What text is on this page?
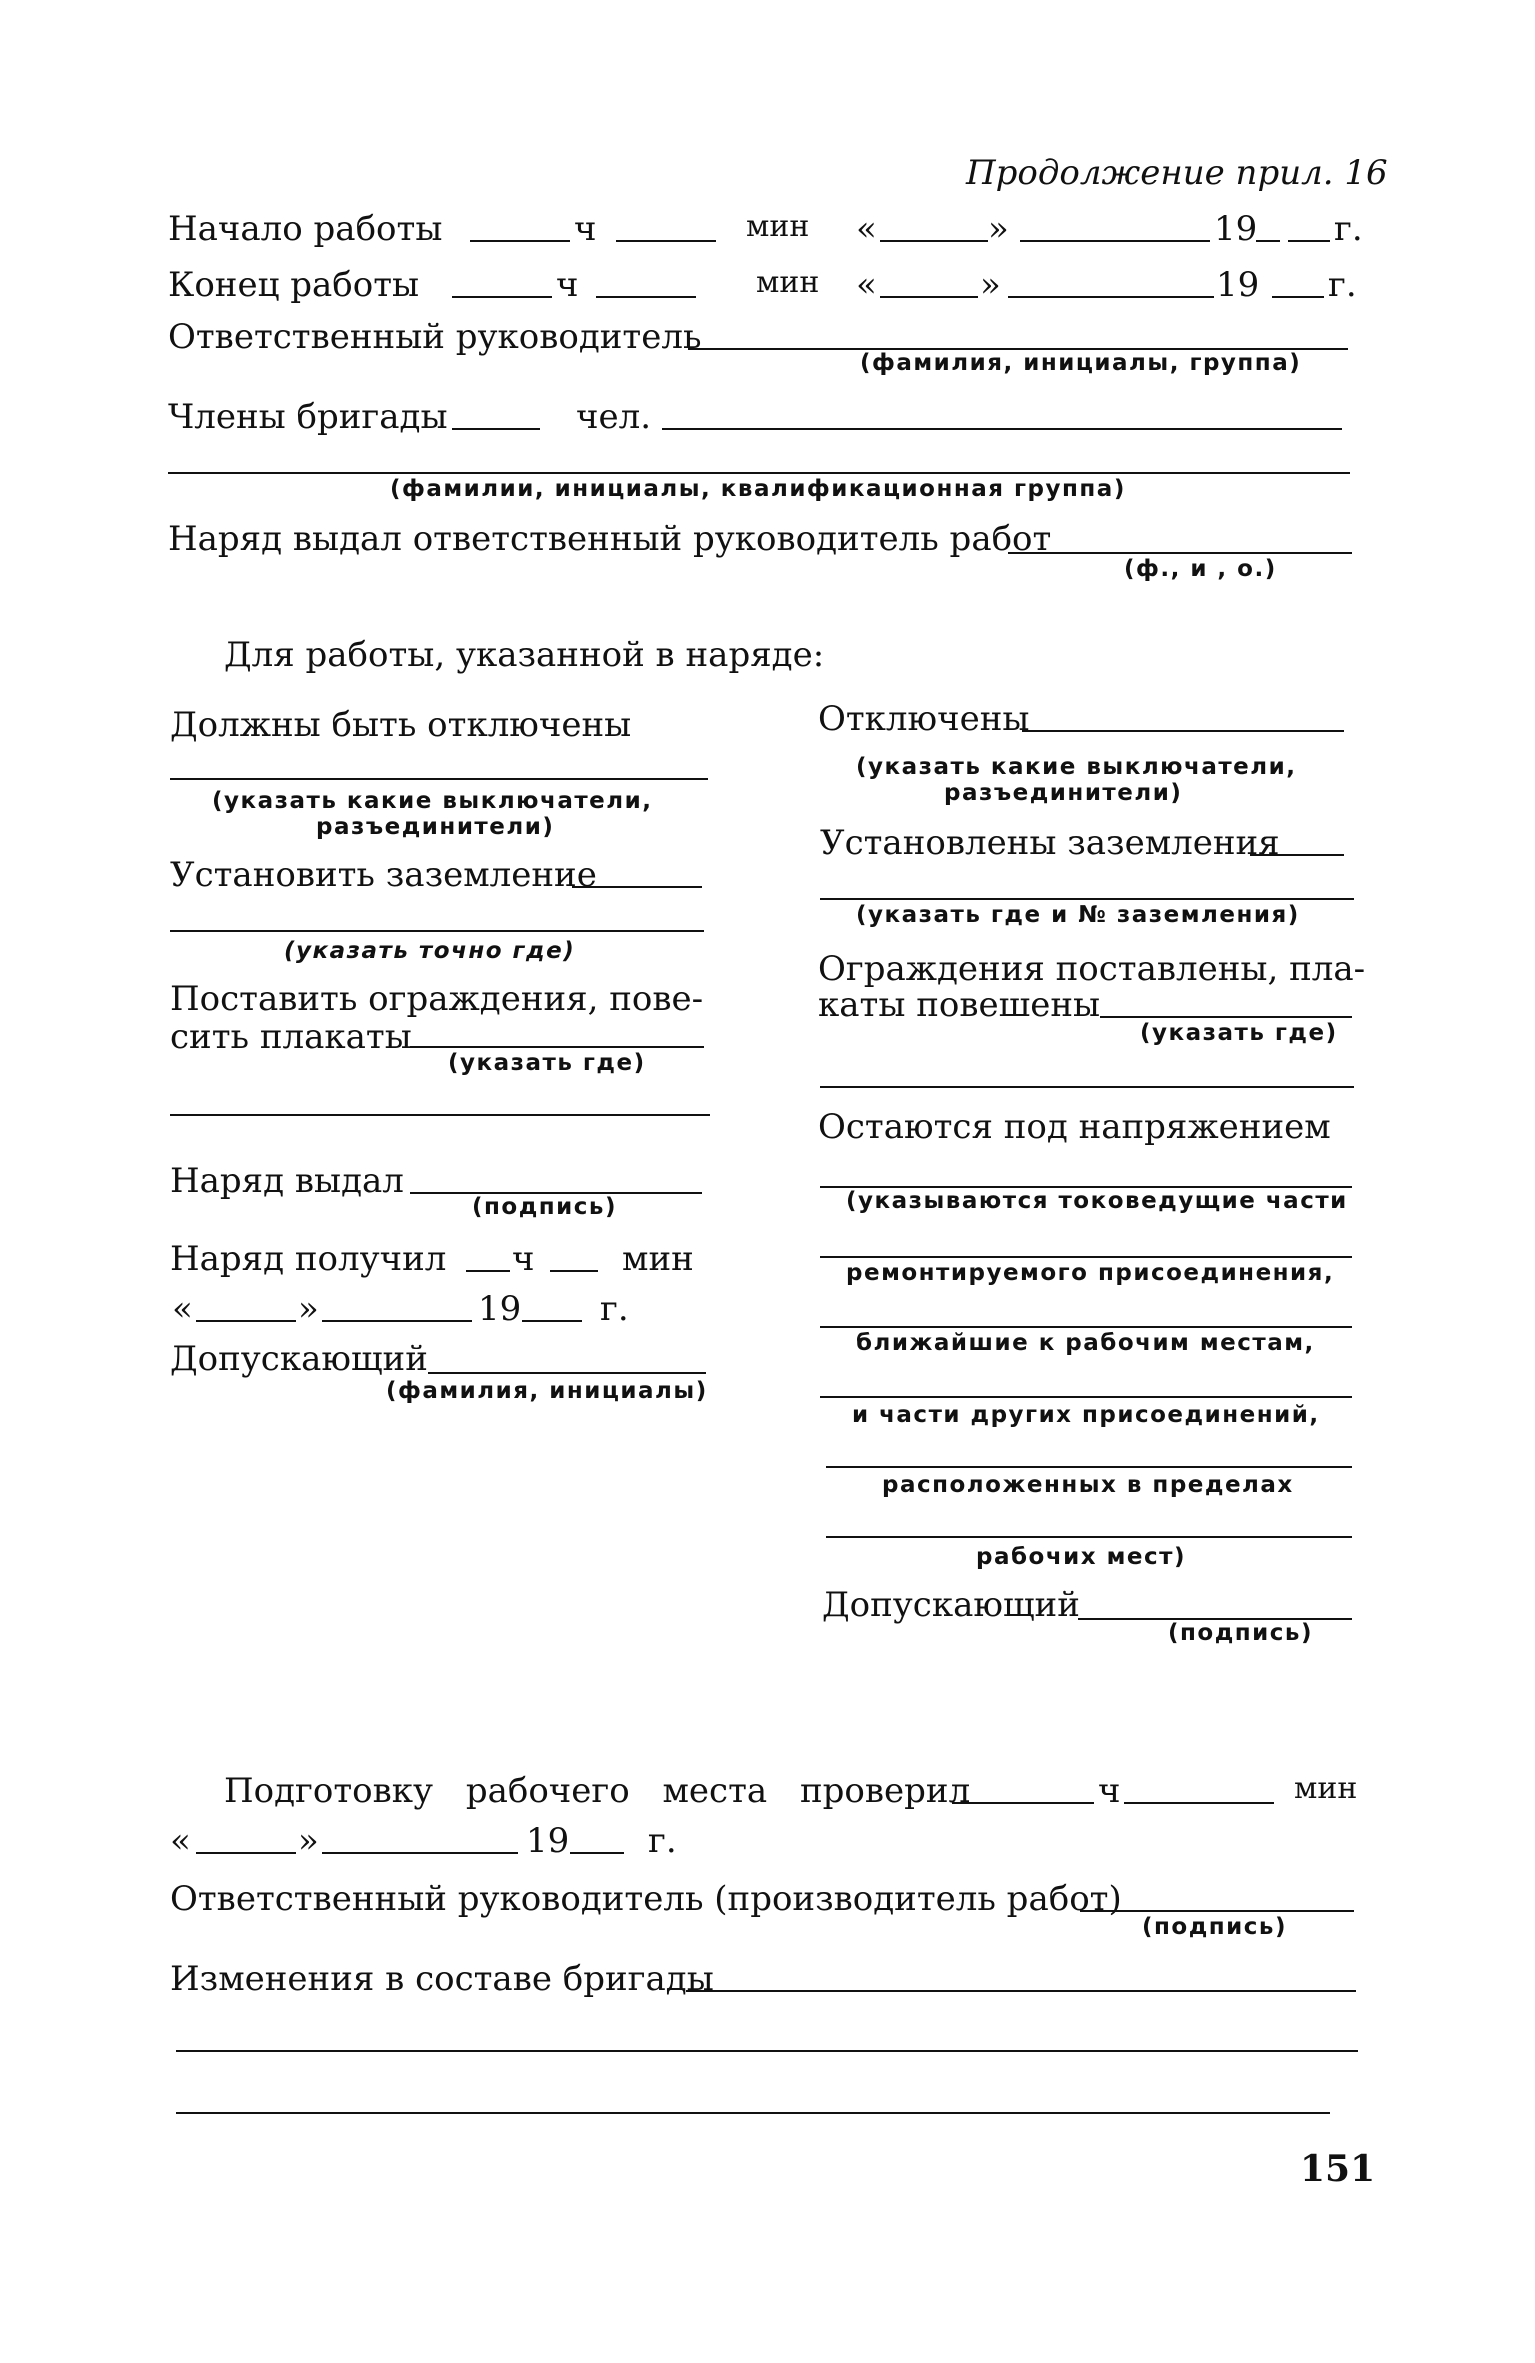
Продолжение прил. 16
Начало работы	ч	мин «	»	19 г.
Конец работы	ч	мин «	»	19 г.
Ответственный руководитель
(фамилия, инициалы, группа)
Члены бригады	чел.
(фамилии, инициалы, квалификационная группа)
Наряд выдал ответственный руководитель работ
(ф., и , о.)
Для работы, указанной в наряде:
Должны быть отключены
(указать какие выключатели,
разъединители)
Установить заземление
(указать точно где)
Поставить ограждения, пове-
сить плакаты
(указать где)
Наряд выдал
(подпись)
Наряд получил ч	мин
«	»	19 г.
Допускающий
(фамилия, инициалы)
Отключены
(указать какие выключатели,
разъединители)
Установлены заземления
(указать где и № заземления)
Ограждения поставлены, пла-
каты повешены
(указать где)
Остаются под напряжением
(указываются токоведущие части
ремонтируемого присоединения,
ближайшие к рабочим местам,
и части других присоединений,
расположенных в пределах
рабочих мест)
Допускающий
(подпись)
Подготовку рабочего места проверил	ч	мин
«	»	19 г.
Ответственный руководитель (производитель работ)
(подпись)
Изменения в составе бригады
151
